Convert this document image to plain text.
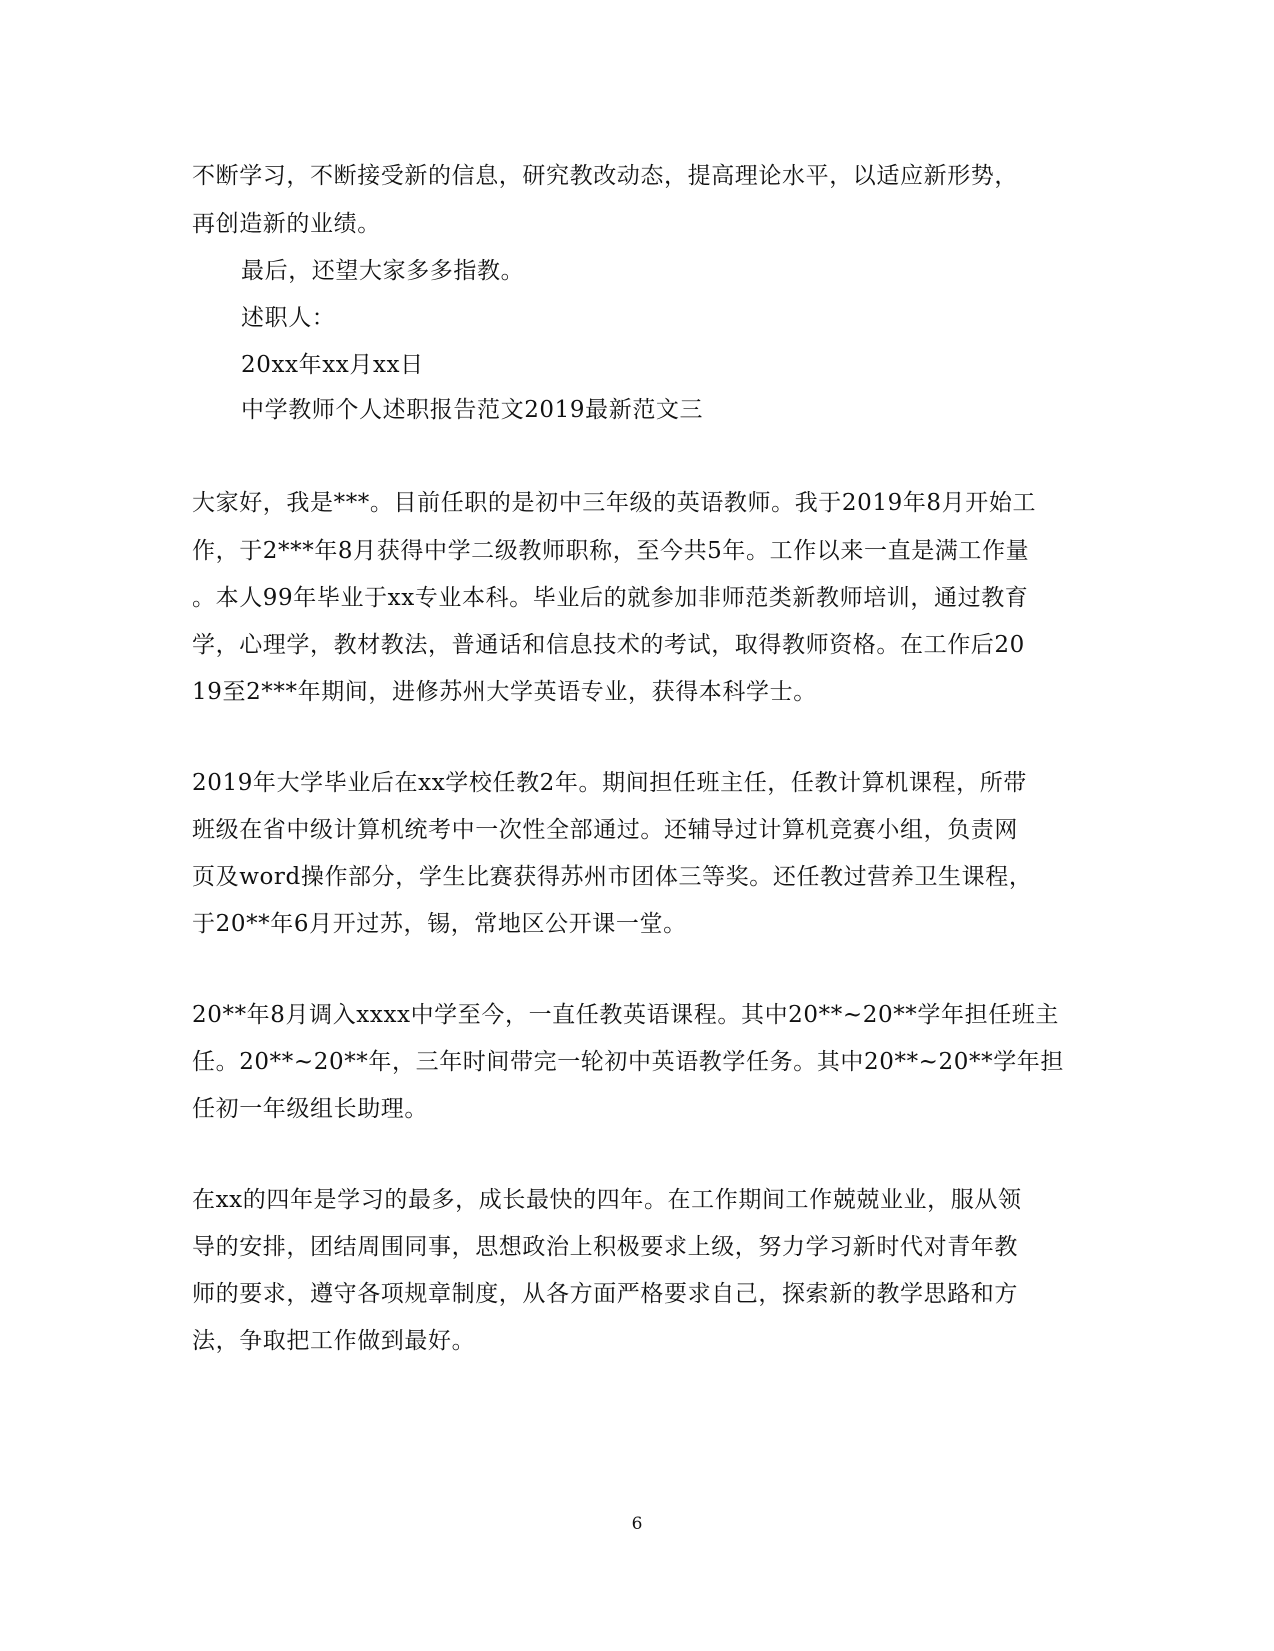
不断学习，不断接受新的信息，研究教改动态，提高理论水平，以适应新形势，
再创造新的业绩。
最后，还望大家多多指教。
述职人：
20xx年xx月xx日
中学教师个人述职报告范文2019最新范文三
大家好，我是***。目前任职的是初中三年级的英语教师。我于2019年8月开始工
作，于2***年8月获得中学二级教师职称，至今共5年。工作以来一直是满工作量
。本人99年毕业于xx专业本科。毕业后的就参加非师范类新教师培训，通过教育
学，心理学，教材教法，普通话和信息技术的考试，取得教师资格。在工作后20
19至2***年期间，进修苏州大学英语专业，获得本科学士。
2019年大学毕业后在xx学校任教2年。期间担任班主任，任教计算机课程，所带
班级在省中级计算机统考中一次性全部通过。还辅导过计算机竞赛小组，负责网
页及word操作部分，学生比赛获得苏州市团体三等奖。还任教过营养卫生课程，
于20**年6月开过苏，锡，常地区公开课一堂。
20**年8月调入xxxx中学至今，一直任教英语课程。其中20**~20**学年担任班主
任。20**~20**年，三年时间带完一轮初中英语教学任务。其中20**~20**学年担
任初一年级组长助理。
在xx的四年是学习的最多，成长最快的四年。在工作期间工作兢兢业业，服从领
导的安排，团结周围同事，思想政治上积极要求上级，努力学习新时代对青年教
师的要求，遵守各项规章制度，从各方面严格要求自己，探索新的教学思路和方
法，争取把工作做到最好。
6
